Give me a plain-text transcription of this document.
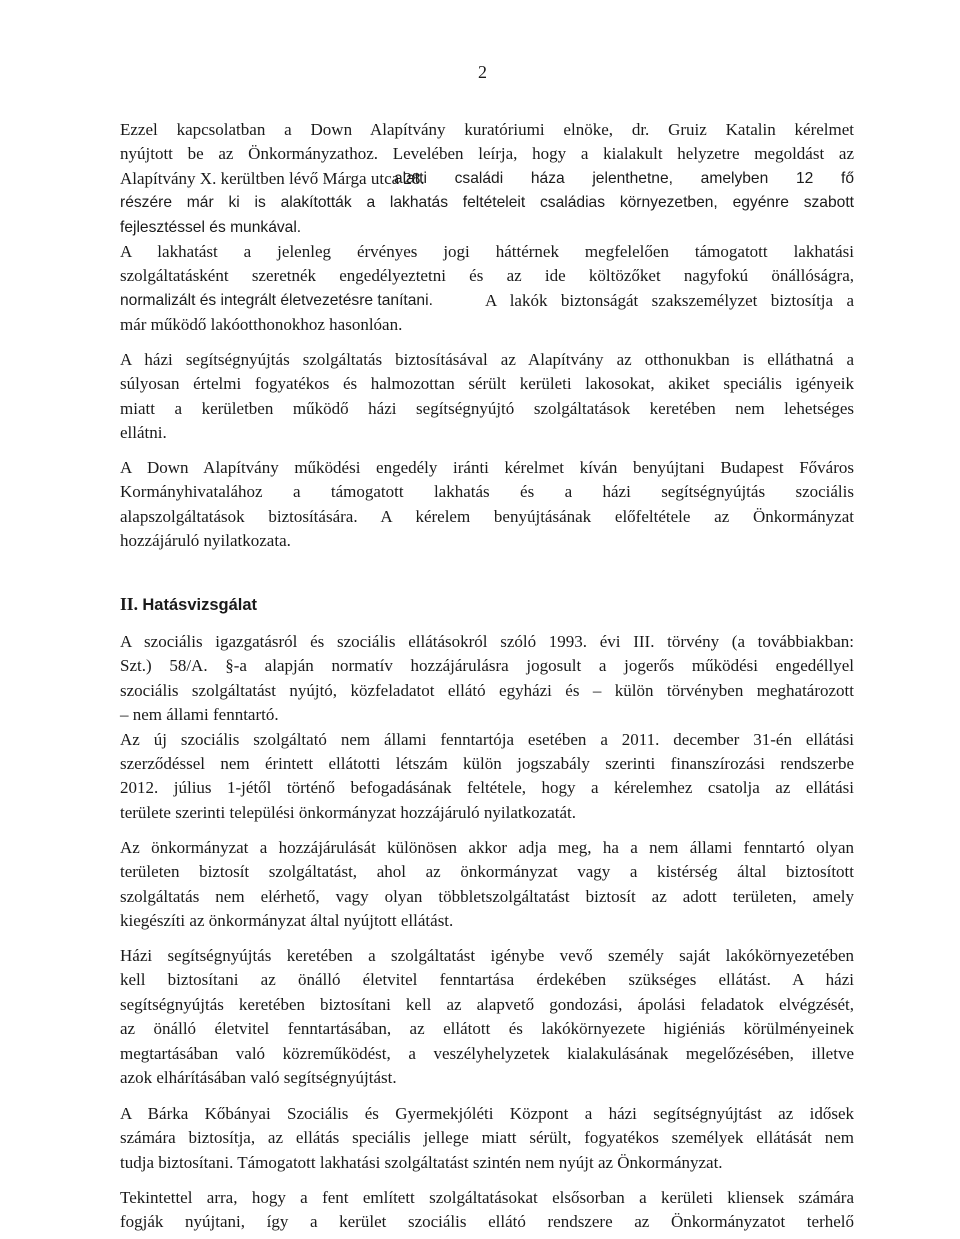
2
Ezzel kapcsolatban a Down Alapítvány kuratóriumi elnöke, dr. Gruiz Katalin kérelmet
nyújtott be az Önkormányzathoz. Levelében leírja, hogy a kialakult helyzetre megoldást az
Alapítvány X. kerültben lévő Márga utca 28.
alatti családi háza jelenthetne, amelyben 12 fő
részére már ki is alakították a lakhatás feltételeit családias környezetben, egyénre szabott
fejlesztéssel és munkával.
A lakhatást a jelenleg érvényes jogi háttérnek megfelelően támogatott lakhatási
szolgáltatásként szeretnék engedélyeztetni és az ide költözőket nagyfokú önállóságra,
normalizált és integrált életvezetésre tanítani.	A lakók biztonságát szakszemélyzet biztosítja a
már működő lakóotthonokhoz hasonlóan.
A házi segítségnyújtás szolgáltatás biztosításával az Alapítvány az otthonukban is elláthatná a
súlyosan értelmi fogyatékos és halmozottan sérült kerületi lakosokat, akiket speciális igényeik
miatt a kerületben működő házi segítségnyújtó szolgáltatások keretében nem lehetséges
ellátni.
A Down Alapítvány működési engedély iránti kérelmet kíván benyújtani Budapest Főváros
Kormányhivatalához a támogatott lakhatás és a házi segítségnyújtás szociális
alapszolgáltatások biztosítására. A kérelem benyújtásának előfeltétele az Önkormányzat
hozzájáruló nyilatkozata.
II. Hatásvizsgálat
A szociális igazgatásról és szociális ellátásokról szóló 1993. évi III. törvény (a továbbiakban:
Szt.) 58/A. §-a alapján normatív hozzájárulásra jogosult a jogerős működési engedéllyel
szociális szolgáltatást nyújtó, közfeladatot ellátó egyházi és – külön törvényben meghatározott
– nem állami fenntartó.
Az új szociális szolgáltató nem állami fenntartója esetében a 2011. december 31-én ellátási
szerződéssel nem érintett ellátotti létszám külön jogszabály szerinti finanszírozási rendszerbe
2012. július 1-jétől történő befogadásának feltétele, hogy a kérelemhez csatolja az ellátási
területe szerinti települési önkormányzat hozzájáruló nyilatkozatát.
Az önkormányzat a hozzájárulását különösen akkor adja meg, ha a nem állami fenntartó olyan
területen biztosít szolgáltatást, ahol az önkormányzat vagy a kistérség által biztosított
szolgáltatás nem elérhető, vagy olyan többletszolgáltatást biztosít az adott területen, amely
kiegészíti az önkormányzat által nyújtott ellátást.
Házi segítségnyújtás keretében a szolgáltatást igénybe vevő személy saját lakókörnyezetében
kell biztosítani az önálló életvitel fenntartása érdekében szükséges ellátást. A házi
segítségnyújtás keretében biztosítani kell az alapvető gondozási, ápolási feladatok elvégzését,
az önálló életvitel fenntartásában, az ellátott és lakókörnyezete higiéniás körülményeinek
megtartásában való közreműködést, a veszélyhelyzetek kialakulásának megelőzésében, illetve
azok elhárításában való segítségnyújtást.
A Bárka Kőbányai Szociális és Gyermekjóléti Központ a házi segítségnyújtást az idősek
számára biztosítja, az ellátás speciális jellege miatt sérült, fogyatékos személyek ellátását nem
tudja biztosítani. Támogatott lakhatási szolgáltatást szintén nem nyújt az Önkormányzat.
Tekintettel arra, hogy a fent említett szolgáltatásokat elsősorban a kerületi kliensek számára
fogják nyújtani, így a kerület szociális ellátó rendszere az Önkormányzatot terhelő
